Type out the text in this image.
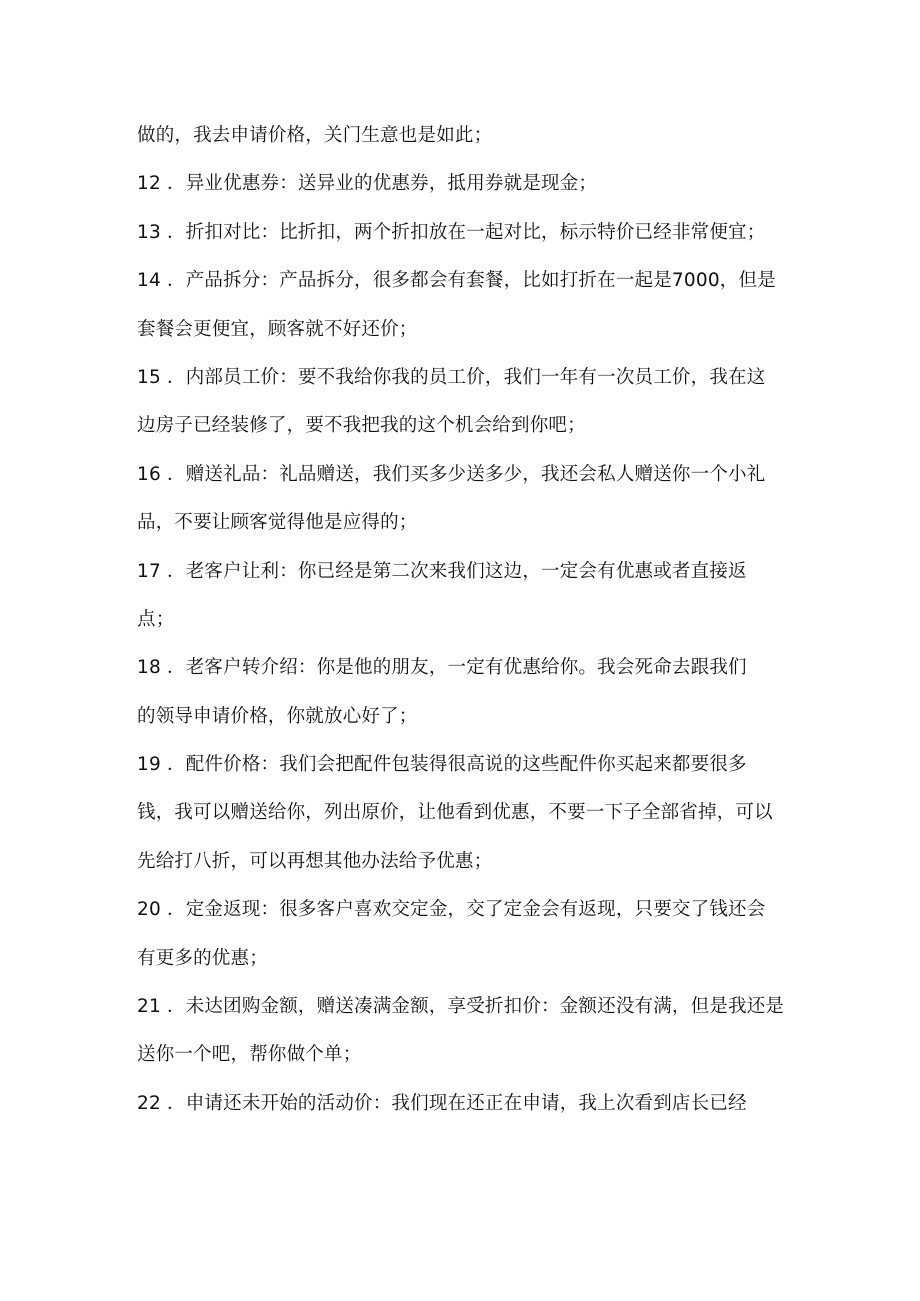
做的，我去申请价格，关门生意也是如此；
12 ．异业优惠券：送异业的优惠券，抵用券就是现金；
13 ．折扣对比：比折扣，两个折扣放在一起对比，标示特价已经非常便宜；
14 ．产品拆分：产品拆分，很多都会有套餐，比如打折在一起是7000，但是
套餐会更便宜，顾客就不好还价；
15 ．内部员工价：要不我给你我的员工价，我们一年有一次员工价，我在这
边房子已经装修了，要不我把我的这个机会给到你吧；
16 ．赠送礼品：礼品赠送，我们买多少送多少，我还会私人赠送你一个小礼
品，不要让顾客觉得他是应得的；
17 ．老客户让利：你已经是第二次来我们这边，一定会有优惠或者直接返
点；
18 ．老客户转介绍：你是他的朋友，一定有优惠给你。我会死命去跟我们
的领导申请价格，你就放心好了；
19 ．配件价格：我们会把配件包装得很高说的这些配件你买起来都要很多
钱，我可以赠送给你，列出原价，让他看到优惠，不要一下子全部省掉，可以
先给打八折，可以再想其他办法给予优惠；
20 ．定金返现：很多客户喜欢交定金，交了定金会有返现，只要交了钱还会
有更多的优惠；
21 ．未达团购金额，赠送凑满金额，享受折扣价：金额还没有满，但是我还是
送你一个吧，帮你做个单；
22 ．申请还未开始的活动价：我们现在还正在申请，我上次看到店长已经
